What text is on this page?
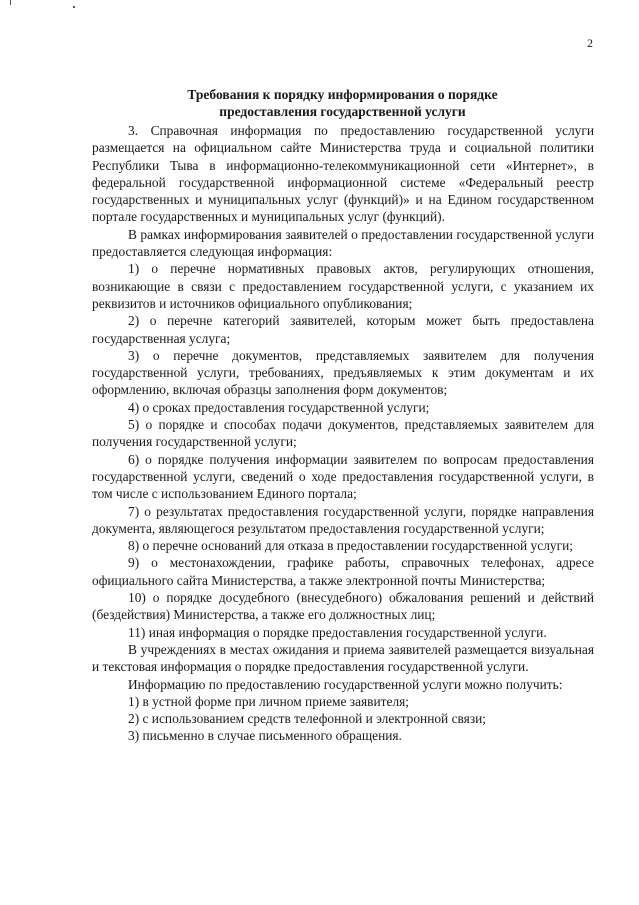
2
Требования к порядку информирования о порядке
предоставления государственной услуги

3. Справочная информация по предоставлению государственной услуги размещается на официальном сайте Министерства труда и социальной политики Республики Тыва в информационно-телекоммуникационной сети «Интернет», в федеральной государственной информационной системе «Федеральный реестр государственных и муниципальных услуг (функций)» и на Едином государственном портале государственных и муниципальных услуг (функций).

В рамках информирования заявителей о предоставлении государственной услуги предоставляется следующая информация:

1) о перечне нормативных правовых актов, регулирующих отношения, возникающие в связи с предоставлением государственной услуги, с указанием их реквизитов и источников официального опубликования;

2) о перечне категорий заявителей, которым может быть предоставлена государственная услуга;

3) о перечне документов, представляемых заявителем для получения государственной услуги, требованиях, предъявляемых к этим документам и их оформлению, включая образцы заполнения форм документов;

4) о сроках предоставления государственной услуги;

5) о порядке и способах подачи документов, представляемых заявителем для получения государственной услуги;

6) о порядке получения информации заявителем по вопросам предоставления государственной услуги, сведений о ходе предоставления государственной услуги, в том числе с использованием Единого портала;

7) о результатах предоставления государственной услуги, порядке направления документа, являющегося результатом предоставления государственной услуги;

8) о перечне оснований для отказа в предоставлении государственной услуги;

9) о местонахождении, графике работы, справочных телефонах, адресе официального сайта Министерства, а также электронной почты Министерства;

10) о порядке досудебного (внесудебного) обжалования решений и действий (бездействия) Министерства, а также его должностных лиц;

11) иная информация о порядке предоставления государственной услуги.

В учреждениях в местах ожидания и приема заявителей размещается визуальная и текстовая информация о порядке предоставления государственной услуги.

Информацию по предоставлению государственной услуги можно получить:

1) в устной форме при личном приеме заявителя;

2) с использованием средств телефонной и электронной связи;

3) письменно в случае письменного обращения.
